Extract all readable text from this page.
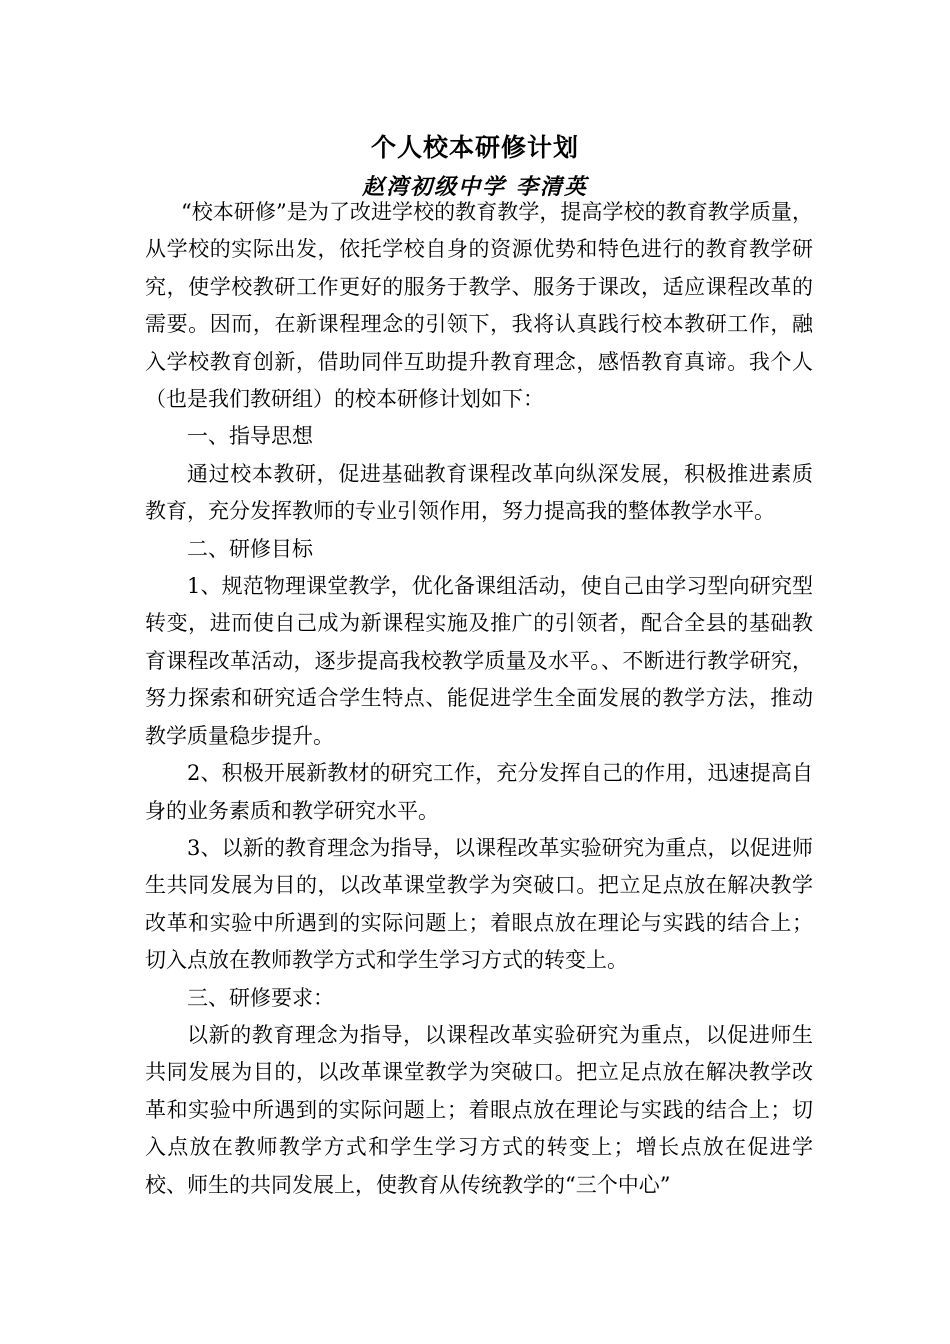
个人校本研修计划
赵湾初级中学 李清英

“校本研修”是为了改进学校的教育教学，提高学校的教育教学质量，从学校的实际出发，依托学校自身的资源优势和特色进行的教育教学研究，使学校教研工作更好的服务于教学、服务于课改，适应课程改革的需要。因而，在新课程理念的引领下，我将认真践行校本教研工作，融入学校教育创新，借助同伴互助提升教育理念，感悟教育真谛。我个人（也是我们教研组）的校本研修计划如下：

一、指导思想

通过校本教研，促进基础教育课程改革向纵深发展，积极推进素质教育，充分发挥教师的专业引领作用，努力提高我的整体教学水平。

二、研修目标

1、规范物理课堂教学，优化备课组活动，使自己由学习型向研究型转变，进而使自己成为新课程实施及推广的引领者，配合全县的基础教育课程改革活动，逐步提高我校教学质量及水平。、不断进行教学研究，努力探索和研究适合学生特点、能促进学生全面发展的教学方法，推动教学质量稳步提升。

2、积极开展新教材的研究工作，充分发挥自己的作用，迅速提高自身的业务素质和教学研究水平。

3、以新的教育理念为指导，以课程改革实验研究为重点，以促进师生共同发展为目的，以改革课堂教学为突破口。把立足点放在解决教学改革和实验中所遇到的实际问题上；着眼点放在理论与实践的结合上；切入点放在教师教学方式和学生学习方式的转变上。

三、研修要求：

以新的教育理念为指导，以课程改革实验研究为重点，以促进师生共同发展为目的，以改革课堂教学为突破口。把立足点放在解决教学改革和实验中所遇到的实际问题上；着眼点放在理论与实践的结合上；切入点放在教师教学方式和学生学习方式的转变上；增长点放在促进学校、师生的共同发展上，使教育从传统教学的“三个中心”
